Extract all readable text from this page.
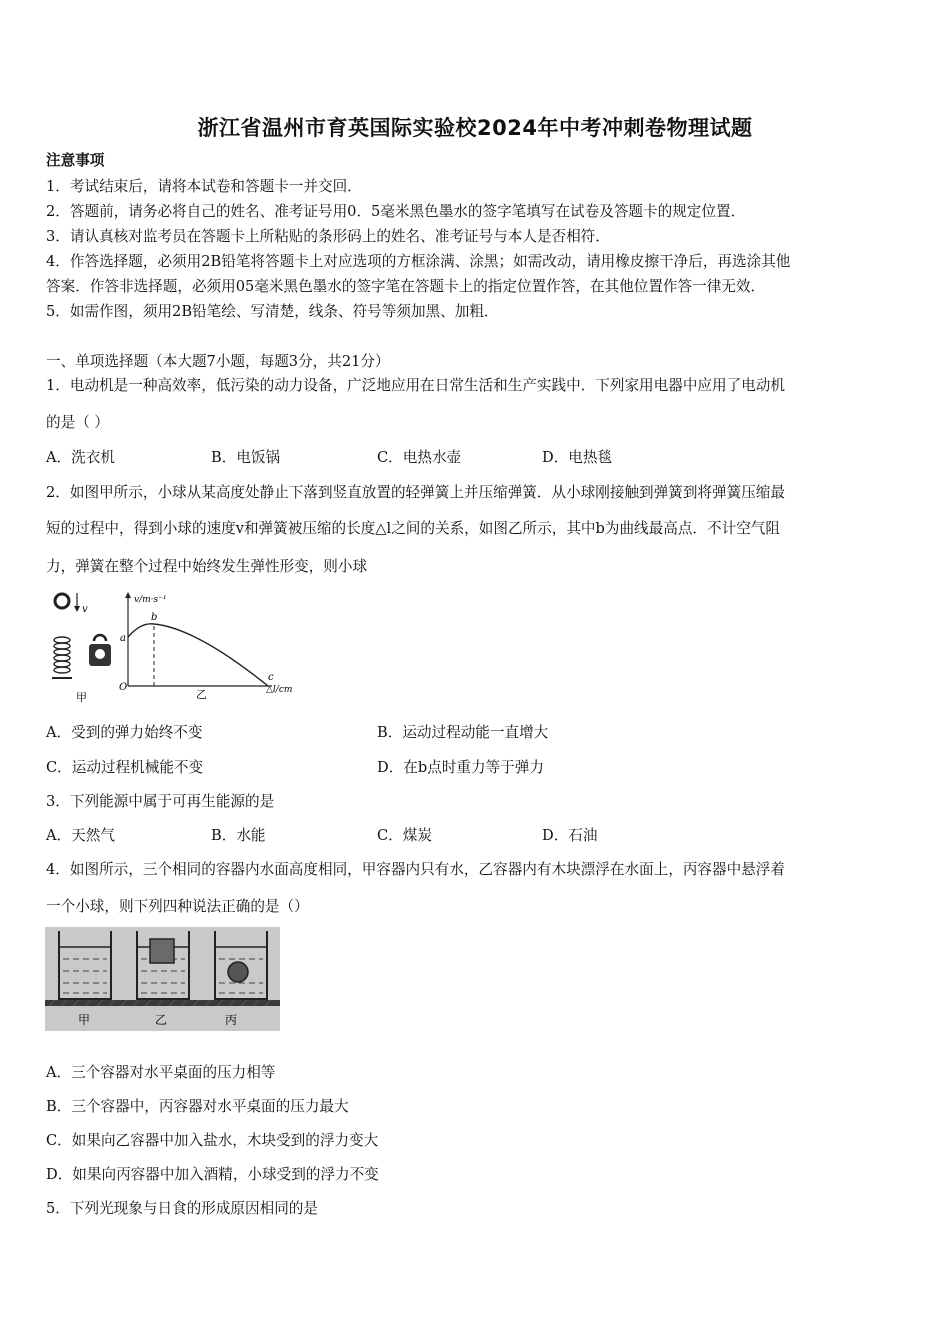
浙江省温州市育英国际实验校2024年中考冲刺卷物理试题
注意事项
1．考试结束后，请将本试卷和答题卡一并交回．
2．答题前，请务必将自己的姓名、准考证号用0．5毫米黑色墨水的签字笔填写在试卷及答题卡的规定位置．
3．请认真核对监考员在答题卡上所粘贴的条形码上的姓名、准考证号与本人是否相符．
4．作答选择题，必须用2B铅笔将答题卡上对应选项的方框涂满、涂黑；如需改动，请用橡皮擦干净后，再选涂其他
答案．作答非选择题，必须用05毫米黑色墨水的签字笔在答题卡上的指定位置作答，在其他位置作答一律无效．
5．如需作图，须用2B铅笔绘、写清楚，线条、符号等须加黑、加粗．
一、单项选择题（本大题7小题，每题3分，共21分）
1．电动机是一种高效率，低污染的动力设备，广泛地应用在日常生活和生产实践中．下列家用电器中应用了电动机
的是（ ）
A．洗衣机	B．电饭锅	C．电热水壶	D．电热毯
2．如图甲所示，小球从某高度处静止下落到竖直放置的轻弹簧上并压缩弹簧．从小球刚接触到弹簧到将弹簧压缩最
短的过程中，得到小球的速度v和弹簧被压缩的长度△l之间的关系，如图乙所示，其中b为曲线最高点．不计空气阻
力，弹簧在整个过程中始终发生弹性形变，则小球
v
甲
v/m·s⁻¹
△l/cm
O
a
b
c
乙
A．受到的弹力始终不变	B．运动过程动能一直增大
C．运动过程机械能不变	D．在b点时重力等于弹力
3．下列能源中属于可再生能源的是
A．天然气	B．水能	C．煤炭	D．石油
4．如图所示，三个相同的容器内水面高度相同，甲容器内只有水，乙容器内有木块漂浮在水面上，丙容器中悬浮着
一个小球，则下列四种说法正确的是（）
甲	乙	丙
A．三个容器对水平桌面的压力相等
B．三个容器中，丙容器对水平桌面的压力最大
C．如果向乙容器中加入盐水，木块受到的浮力变大
D．如果向丙容器中加入酒精，小球受到的浮力不变
5．下列光现象与日食的形成原因相同的是
